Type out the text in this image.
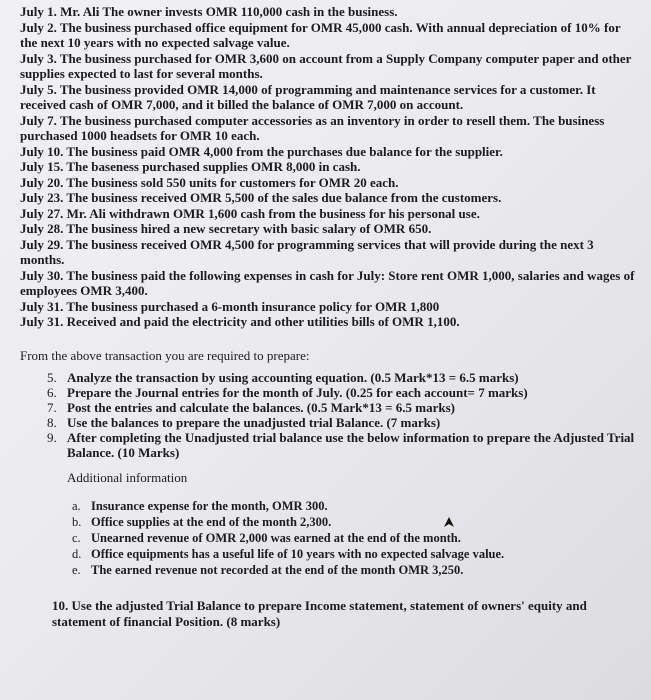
July 1. Mr. Ali The owner invests OMR 110,000 cash in the business.

July 2. The business purchased office equipment for OMR 45,000 cash. With annual depreciation of 10% for the next 10 years with no expected salvage value.

July 3. The business purchased for OMR 3,600 on account from a Supply Company computer paper and other supplies expected to last for several months.

July 5. The business provided OMR 14,000 of programming and maintenance services for a customer. It received cash of OMR 7,000, and it billed the balance of OMR 7,000 on account.

July 7. The business purchased computer accessories as an inventory in order to resell them. The business purchased 1000 headsets for OMR 10 each.

July 10. The business paid OMR 4,000 from the purchases due balance for the supplier.

July 15. The baseness purchased supplies OMR 8,000 in cash.

July 20. The business sold 550 units for customers for OMR 20 each.

July 23. The business received OMR 5,500 of the sales due balance from the customers.

July 27. Mr. Ali withdrawn OMR 1,600 cash from the business for his personal use.

July 28. The business hired a new secretary with basic salary of OMR 650.

July 29. The business received OMR 4,500 for programming services that will provide during the next 3 months.

July 30. The business paid the following expenses in cash for July: Store rent OMR 1,000, salaries and wages of employees OMR 3,400.

July 31. The business purchased a 6-month insurance policy for OMR 1,800

July 31. Received and paid the electricity and other utilities bills of OMR 1,100.

From the above transaction you are required to prepare:
5. Analyze the transaction by using accounting equation. (0.5 Mark*13 = 6.5 marks)
6. Prepare the Journal entries for the month of July. (0.25 for each account= 7 marks)
7. Post the entries and calculate the balances. (0.5 Mark*13 = 6.5 marks)
8. Use the balances to prepare the unadjusted trial Balance. (7 marks)
9. After completing the Unadjusted trial balance use the below information to prepare the Adjusted Trial Balance. (10 Marks)
Additional information
a. Insurance expense for the month, OMR 300.
b. Office supplies at the end of the month 2,300.
c. Unearned revenue of OMR 2,000 was earned at the end of the month.
d. Office equipments has a useful life of 10 years with no expected salvage value.
e. The earned revenue not recorded at the end of the month OMR 3,250.
10. Use the adjusted Trial Balance to prepare Income statement, statement of owners' equity and statement of financial Position. (8 marks)
